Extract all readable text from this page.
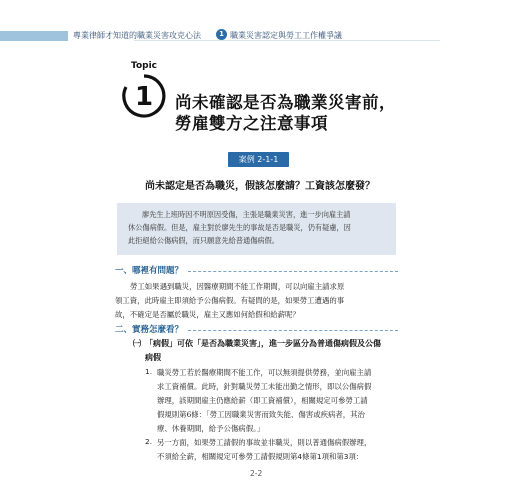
專業律師才知道的職業災害攻克心法	1 職業災害認定與勞工工作權爭議
Topic
1 尚未確認是否為職業災害前，
勞雇雙方之注意事項
案例 2-1-1
尚未認定是否為職災，假該怎麼請？工資該怎麼發？
廖先生上班時因不明原因受傷，主張是職業災害，進一步向雇主請
休公傷病假。但是，雇主對於廖先生的事故是否是職災，仍有疑慮，因
此拒絕給公傷病假，而只願意先給普通傷病假。
一、哪裡有問題？
勞工如果遇到職災，因醫療期間不能工作期間，可以向雇主請求原
領工資，此時雇主即須給予公傷病假。有疑問的是，如果勞工遭遇的事
故，不確定是否屬於職災，雇主又應如何給假和給薪呢？
二、實務怎麼看？
㈠ 「病假」可依「是否為職業災害」，進一步區分為普通傷病假及公傷
病假
1. 職災勞工若於醫療期間不能工作，可以無須提供勞務，並向雇主請
求工資補償。此時，針對職災勞工未能出勤之情形，即以公傷病假
辦理，該期間雇主仍應給薪（即工資補償），相關規定可參勞工請
假規則第6條：「勞工因職業災害而致失能、傷害或疾病者，其治
療、休養期間，給予公傷病假。」
2. 另一方面，如果勞工請假的事故並非職災，則以普通傷病假辦理，
不須給全薪，相關規定可參勞工請假規則第4條第1項和第3項：
2-2
